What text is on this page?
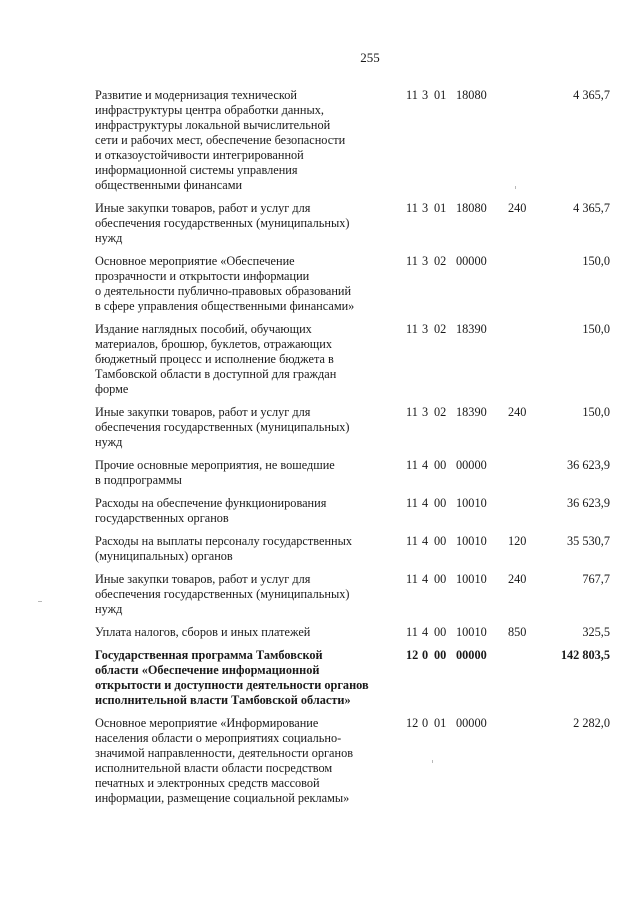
255
Развитие и модернизация технической
инфраструктуры центра обработки данных,
инфраструктуры локальной вычислительной
сети и рабочих мест, обеспечение безопасности
и отказоустойчивости интегрированной
информационной системы управления
общественными финансами
11 3 01 18080	4 365,7
Иные закупки товаров, работ и услуг для
обеспечения государственных (муниципальных)
нужд
11 3 01 18080	240	4 365,7
Основное мероприятие «Обеспечение
прозрачности и открытости информации
о деятельности публично-правовых образований
в сфере управления общественными финансами»
11 3 02 00000	150,0
Издание наглядных пособий, обучающих
материалов, брошюр, буклетов, отражающих
бюджетный процесс и исполнение бюджета в
Тамбовской области в доступной для граждан
форме
11 3 02 18390	150,0
Иные закупки товаров, работ и услуг для
обеспечения государственных (муниципальных)
нужд
11 3 02 18390	240	150,0
Прочие основные мероприятия, не вошедшие
в подпрограммы
11 4 00 00000	36 623,9
Расходы на обеспечение функционирования
государственных органов
11 4 00 10010	36 623,9
Расходы на выплаты персоналу государственных
(муниципальных) органов
11 4 00 10010	120	35 530,7
Иные закупки товаров, работ и услуг для
обеспечения государственных (муниципальных)
нужд
11 4 00 10010	240	767,7
Уплата налогов, сборов и иных платежей	11 4 00 10010	850	325,5
Государственная программа Тамбовской
области «Обеспечение информационной
открытости и доступности деятельности органов
исполнительной власти Тамбовской области»
12 0 00 00000	142 803,5
Основное мероприятие «Информирование
населения области о мероприятиях социально-
значимой направленности, деятельности органов
исполнительной власти области посредством
печатных и электронных средств массовой
информации, размещение социальной рекламы»
12 0 01 00000	2 282,0
